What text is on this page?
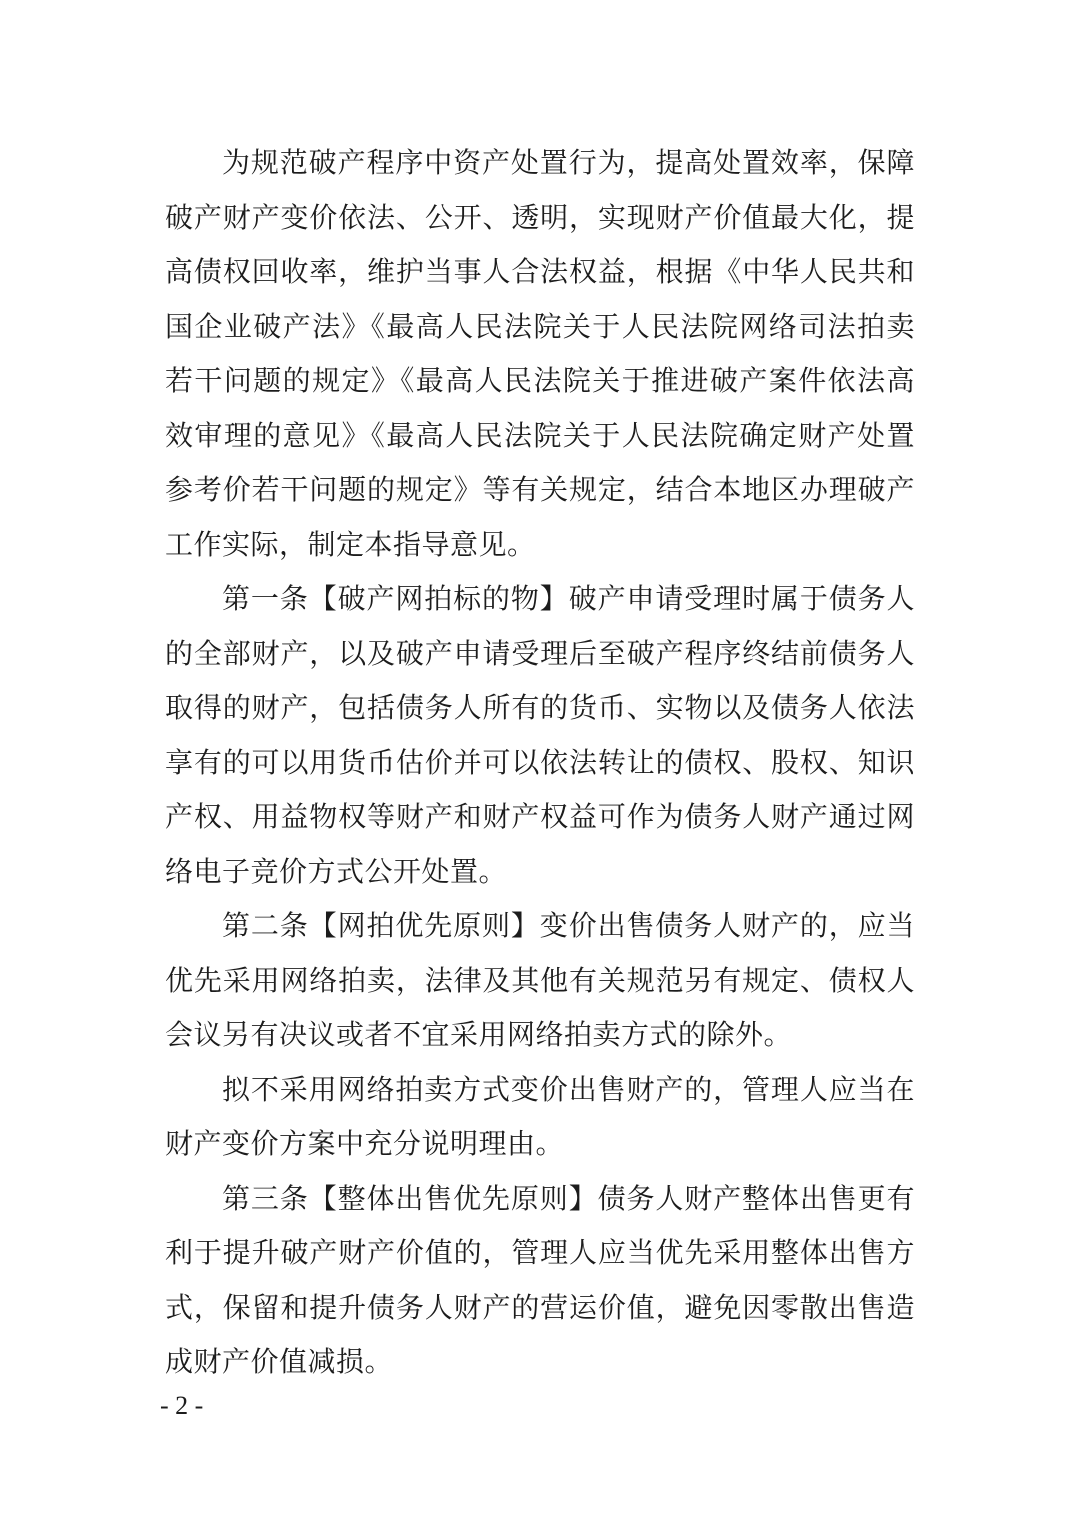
为规范破产程序中资产处置行为，提高处置效率，保障
破产财产变价依法、公开、透明，实现财产价值最大化，提
高债权回收率，维护当事人合法权益，根据《中华人民共和
国企业破产法》《最高人民法院关于人民法院网络司法拍卖
若干问题的规定》《最高人民法院关于推进破产案件依法高
效审理的意见》《最高人民法院关于人民法院确定财产处置
参考价若干问题的规定》等有关规定，结合本地区办理破产
工作实际，制定本指导意见。
第一条【破产网拍标的物】破产申请受理时属于债务人
的全部财产，以及破产申请受理后至破产程序终结前债务人
取得的财产，包括债务人所有的货币、实物以及债务人依法
享有的可以用货币估价并可以依法转让的债权、股权、知识
产权、用益物权等财产和财产权益可作为债务人财产通过网
络电子竞价方式公开处置。
第二条【网拍优先原则】变价出售债务人财产的，应当
优先采用网络拍卖，法律及其他有关规范另有规定、债权人
会议另有决议或者不宜采用网络拍卖方式的除外。
拟不采用网络拍卖方式变价出售财产的，管理人应当在
财产变价方案中充分说明理由。
第三条【整体出售优先原则】债务人财产整体出售更有
利于提升破产财产价值的，管理人应当优先采用整体出售方
式，保留和提升债务人财产的营运价值，避免因零散出售造
成财产价值减损。
- 2 -
